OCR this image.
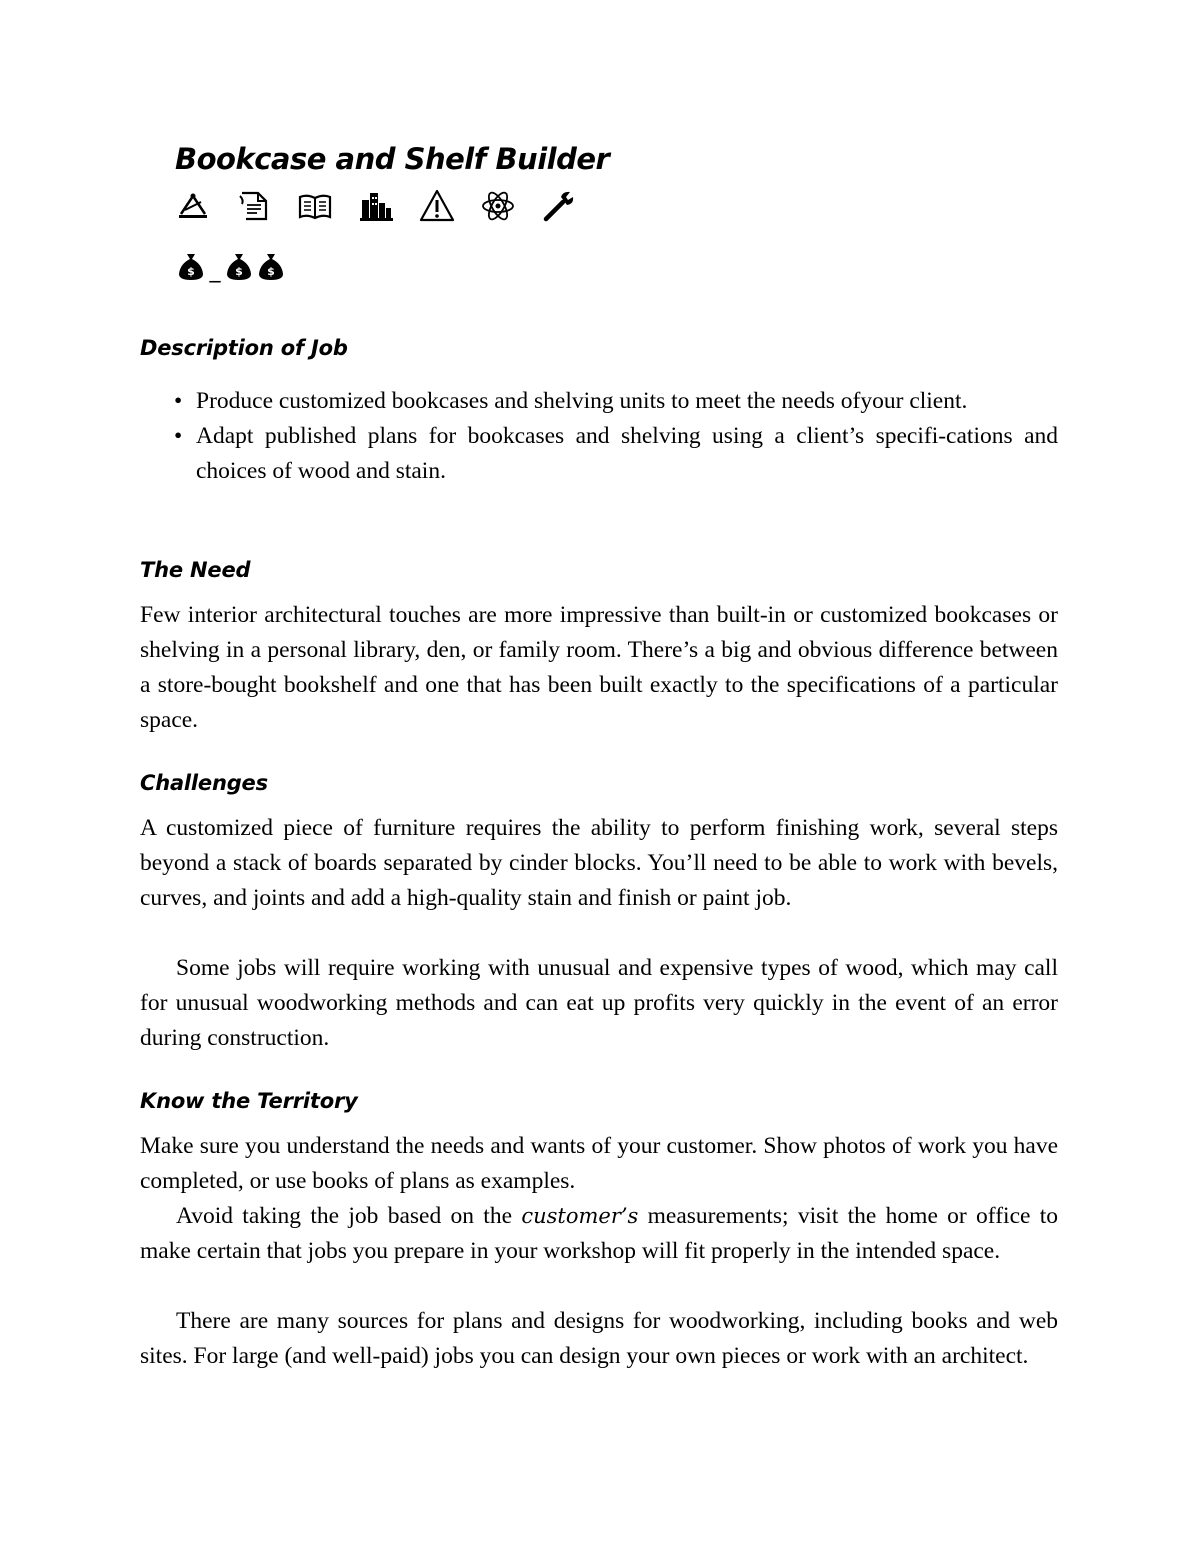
Bookcase and Shelf Builder
$ _ $ $
Description of Job
• Produce customized bookcases and shelving units to meet the needs ofyour client.
• Adapt published plans for bookcases and shelving using a client’s specifi-cations and choices of wood and stain.
The Need

Few interior architectural touches are more impressive than built-in or customized bookcases or shelving in a personal library, den, or family room. There’s a big and obvious difference between a store-bought bookshelf and one that has been built exactly to the specifications of a particular space.

Challenges

A customized piece of furniture requires the ability to perform finishing work, several steps beyond a stack of boards separated by cinder blocks. You’ll need to be able to work with bevels, curves, and joints and add a high-quality stain and finish or paint job.

Some jobs will require working with unusual and expensive types of wood, which may call for unusual woodworking methods and can eat up profits very quickly in the event of an error during construction.

Know the Territory

Make sure you understand the needs and wants of your customer. Show photos of work you have completed, or use books of plans as examples.

Avoid taking the job based on the customer’s measurements; visit the home or office to make certain that jobs you prepare in your workshop will fit properly in the intended space.

There are many sources for plans and designs for woodworking, including books and web sites. For large (and well-paid) jobs you can design your own pieces or work with an architect.
